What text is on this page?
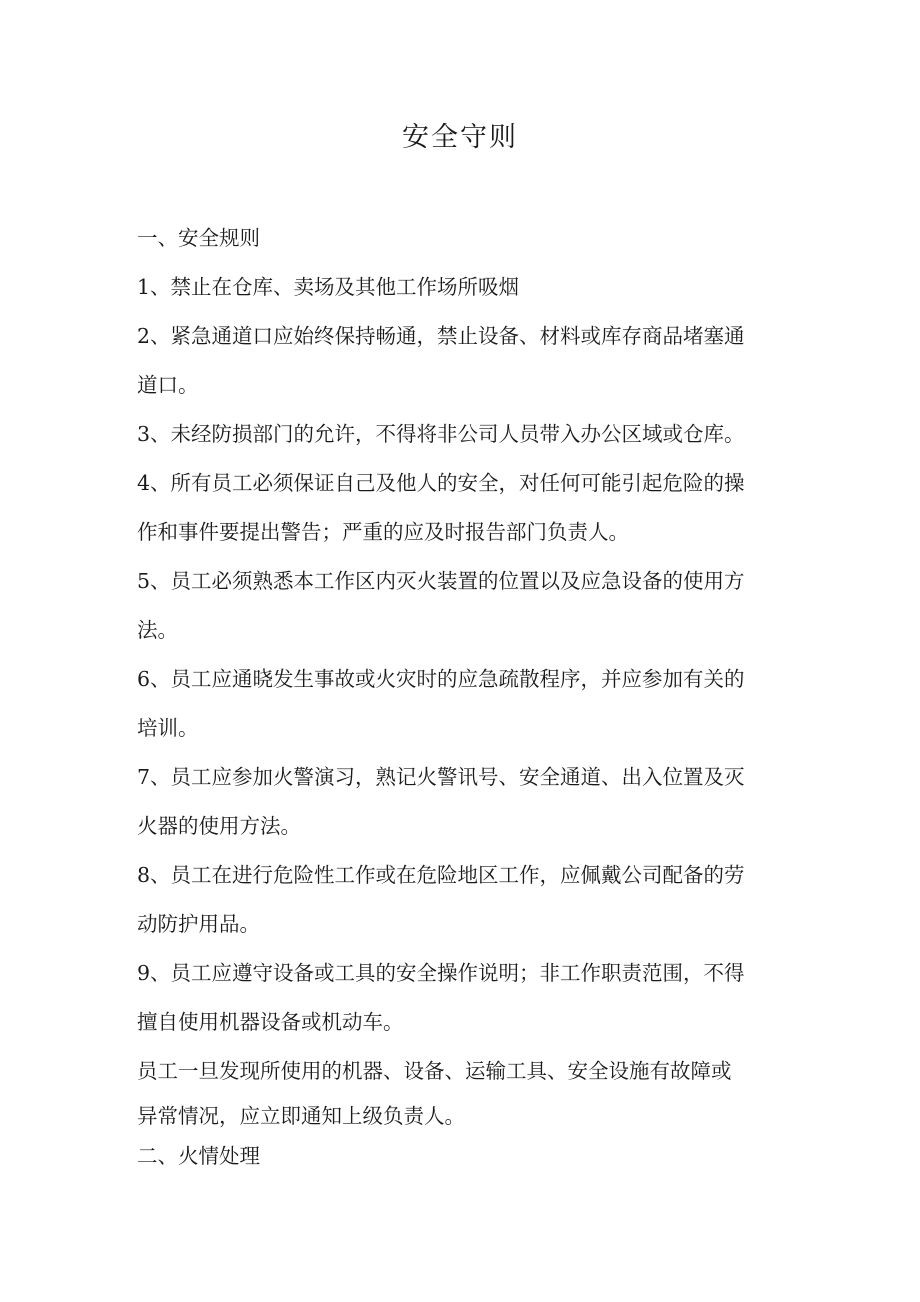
安全守则
一、安全规则
1、禁止在仓库、卖场及其他工作场所吸烟
2、紧急通道口应始终保持畅通，禁止设备、材料或库存商品堵塞通
道口。
3、未经防损部门的允许，不得将非公司人员带入办公区域或仓库。
4、所有员工必须保证自己及他人的安全，对任何可能引起危险的操
作和事件要提出警告；严重的应及时报告部门负责人。
5、员工必须熟悉本工作区内灭火装置的位置以及应急设备的使用方
法。
6、员工应通晓发生事故或火灾时的应急疏散程序，并应参加有关的
培训。
7、员工应参加火警演习，熟记火警讯号、安全通道、出入位置及灭
火器的使用方法。
8、员工在进行危险性工作或在危险地区工作，应佩戴公司配备的劳
动防护用品。
9、员工应遵守设备或工具的安全操作说明；非工作职责范围，不得
擅自使用机器设备或机动车。
员工一旦发现所使用的机器、设备、运输工具、安全设施有故障或
异常情况，应立即通知上级负责人。
二、火情处理
